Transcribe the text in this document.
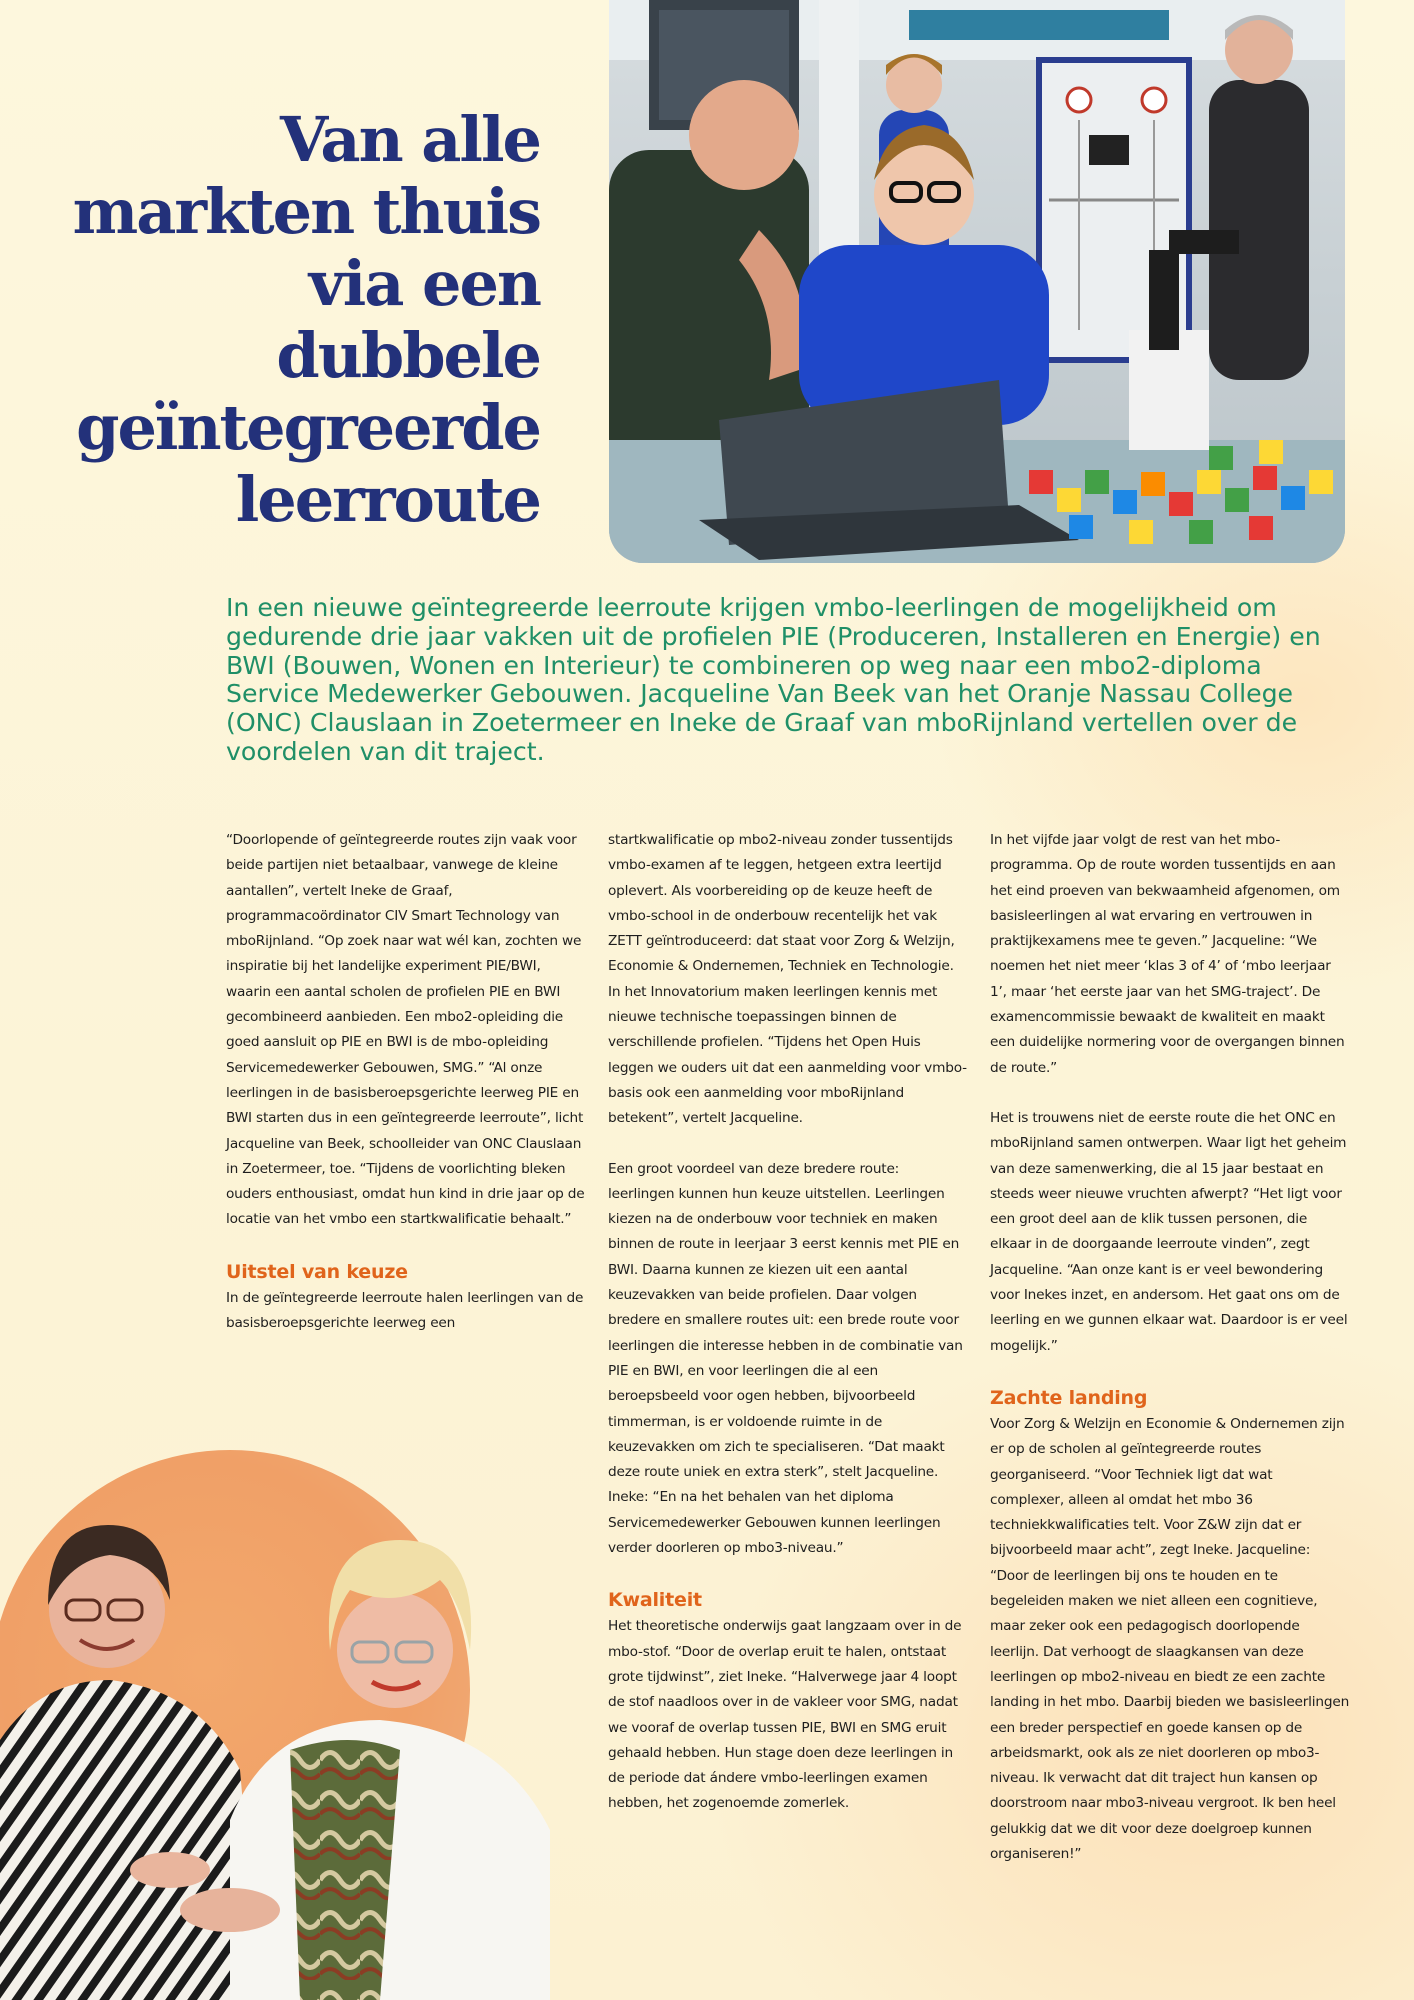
Van alle markten thuis via een dubbele geïntegreerde leerroute

In een nieuwe geïntegreerde leerroute krijgen vmbo-leerlingen de mogelijkheid om gedurende drie jaar vakken uit de profielen PIE (Produceren, Installeren en Energie) en BWI (Bouwen, Wonen en Interieur) te combineren op weg naar een mbo2-diploma Service Medewerker Gebouwen. Jacqueline Van Beek van het Oranje Nassau College (ONC) Clauslaan in Zoetermeer en Ineke de Graaf van mboRijnland vertellen over de voordelen van dit traject.

“Doorlopende of geïntegreerde routes zijn vaak voor beide partijen niet betaalbaar, vanwege de kleine aantallen”, vertelt Ineke de Graaf, programmacoördinator CIV Smart Technology van mboRijnland. “Op zoek naar wat wél kan, zochten we inspiratie bij het landelijke experiment PIE/BWI, waarin een aantal scholen de profielen PIE en BWI gecombineerd aanbieden. Een mbo2-opleiding die goed aansluit op PIE en BWI is de mbo-opleiding Servicemedewerker Gebouwen, SMG.” “Al onze leerlingen in de basisberoepsgerichte leerweg PIE en BWI starten dus in een geïntegreerde leerroute”, licht Jacqueline van Beek, schoolleider van ONC Clauslaan in Zoetermeer, toe. “Tijdens de voorlichting bleken ouders enthousiast, omdat hun kind in drie jaar op de locatie van het vmbo een startkwalificatie behaalt.”

Uitstel van keuze

In de geïntegreerde leerroute halen leerlingen van de basisberoepsgerichte leerweg een

startkwalificatie op mbo2-niveau zonder tussentijds vmbo-examen af te leggen, hetgeen extra leertijd oplevert. Als voorbereiding op de keuze heeft de vmbo-school in de onderbouw recentelijk het vak ZETT geïntroduceerd: dat staat voor Zorg & Welzijn, Economie & Ondernemen, Techniek en Technologie. In het Innovatorium maken leerlingen kennis met nieuwe technische toepassingen binnen de verschillende profielen. “Tijdens het Open Huis leggen we ouders uit dat een aanmelding voor vmbo-basis ook een aanmelding voor mboRijnland betekent”, vertelt Jacqueline.

Een groot voordeel van deze bredere route: leerlingen kunnen hun keuze uitstellen. Leerlingen kiezen na de onderbouw voor techniek en maken binnen de route in leerjaar 3 eerst kennis met PIE en BWI. Daarna kunnen ze kiezen uit een aantal keuzevakken van beide profielen. Daar volgen bredere en smallere routes uit: een brede route voor leerlingen die interesse hebben in de combinatie van PIE en BWI, en voor leerlingen die al een beroepsbeeld voor ogen hebben, bijvoorbeeld timmerman, is er voldoende ruimte in de keuzevakken om zich te specialiseren. “Dat maakt deze route uniek en extra sterk”, stelt Jacqueline. Ineke: “En na het behalen van het diploma Servicemedewerker Gebouwen kunnen leerlingen verder doorleren op mbo3-niveau.”

Kwaliteit

Het theoretische onderwijs gaat langzaam over in de mbo-stof. “Door de overlap eruit te halen, ontstaat grote tijdwinst”, ziet Ineke. “Halverwege jaar 4 loopt de stof naadloos over in de vakleer voor SMG, nadat we vooraf de overlap tussen PIE, BWI en SMG eruit gehaald hebben. Hun stage doen deze leerlingen in de periode dat ándere vmbo-leerlingen examen hebben, het zogenoemde zomerlek.

In het vijfde jaar volgt de rest van het mbo-programma. Op de route worden tussentijds en aan het eind proeven van bekwaamheid afgenomen, om basisleerlingen al wat ervaring en vertrouwen in praktijkexamens mee te geven.” Jacqueline: “We noemen het niet meer ‘klas 3 of 4’ of ‘mbo leerjaar 1’, maar ‘het eerste jaar van het SMG-traject’. De examencommissie bewaakt de kwaliteit en maakt een duidelijke normering voor de overgangen binnen de route.”

Het is trouwens niet de eerste route die het ONC en mboRijnland samen ontwerpen. Waar ligt het geheim van deze samenwerking, die al 15 jaar bestaat en steeds weer nieuwe vruchten afwerpt? “Het ligt voor een groot deel aan de klik tussen personen, die elkaar in de doorgaande leerroute vinden”, zegt Jacqueline. “Aan onze kant is er veel bewondering voor Inekes inzet, en andersom. Het gaat ons om de leerling en we gunnen elkaar wat. Daardoor is er veel mogelijk.”

Zachte landing

Voor Zorg & Welzijn en Economie & Ondernemen zijn er op de scholen al geïntegreerde routes georganiseerd. “Voor Techniek ligt dat wat complexer, alleen al omdat het mbo 36 techniekkwalificaties telt. Voor Z&W zijn dat er bijvoorbeeld maar acht”, zegt Ineke. Jacqueline: “Door de leerlingen bij ons te houden en te begeleiden maken we niet alleen een cognitieve, maar zeker ook een pedagogisch doorlopende leerlijn. Dat verhoogt de slaagkansen van deze leerlingen op mbo2-niveau en biedt ze een zachte landing in het mbo. Daarbij bieden we basisleerlingen een breder perspectief en goede kansen op de arbeidsmarkt, ook als ze niet doorleren op mbo3-niveau. Ik verwacht dat dit traject hun kansen op doorstroom naar mbo3-niveau vergroot. Ik ben heel gelukkig dat we dit voor deze doelgroep kunnen organiseren!”
